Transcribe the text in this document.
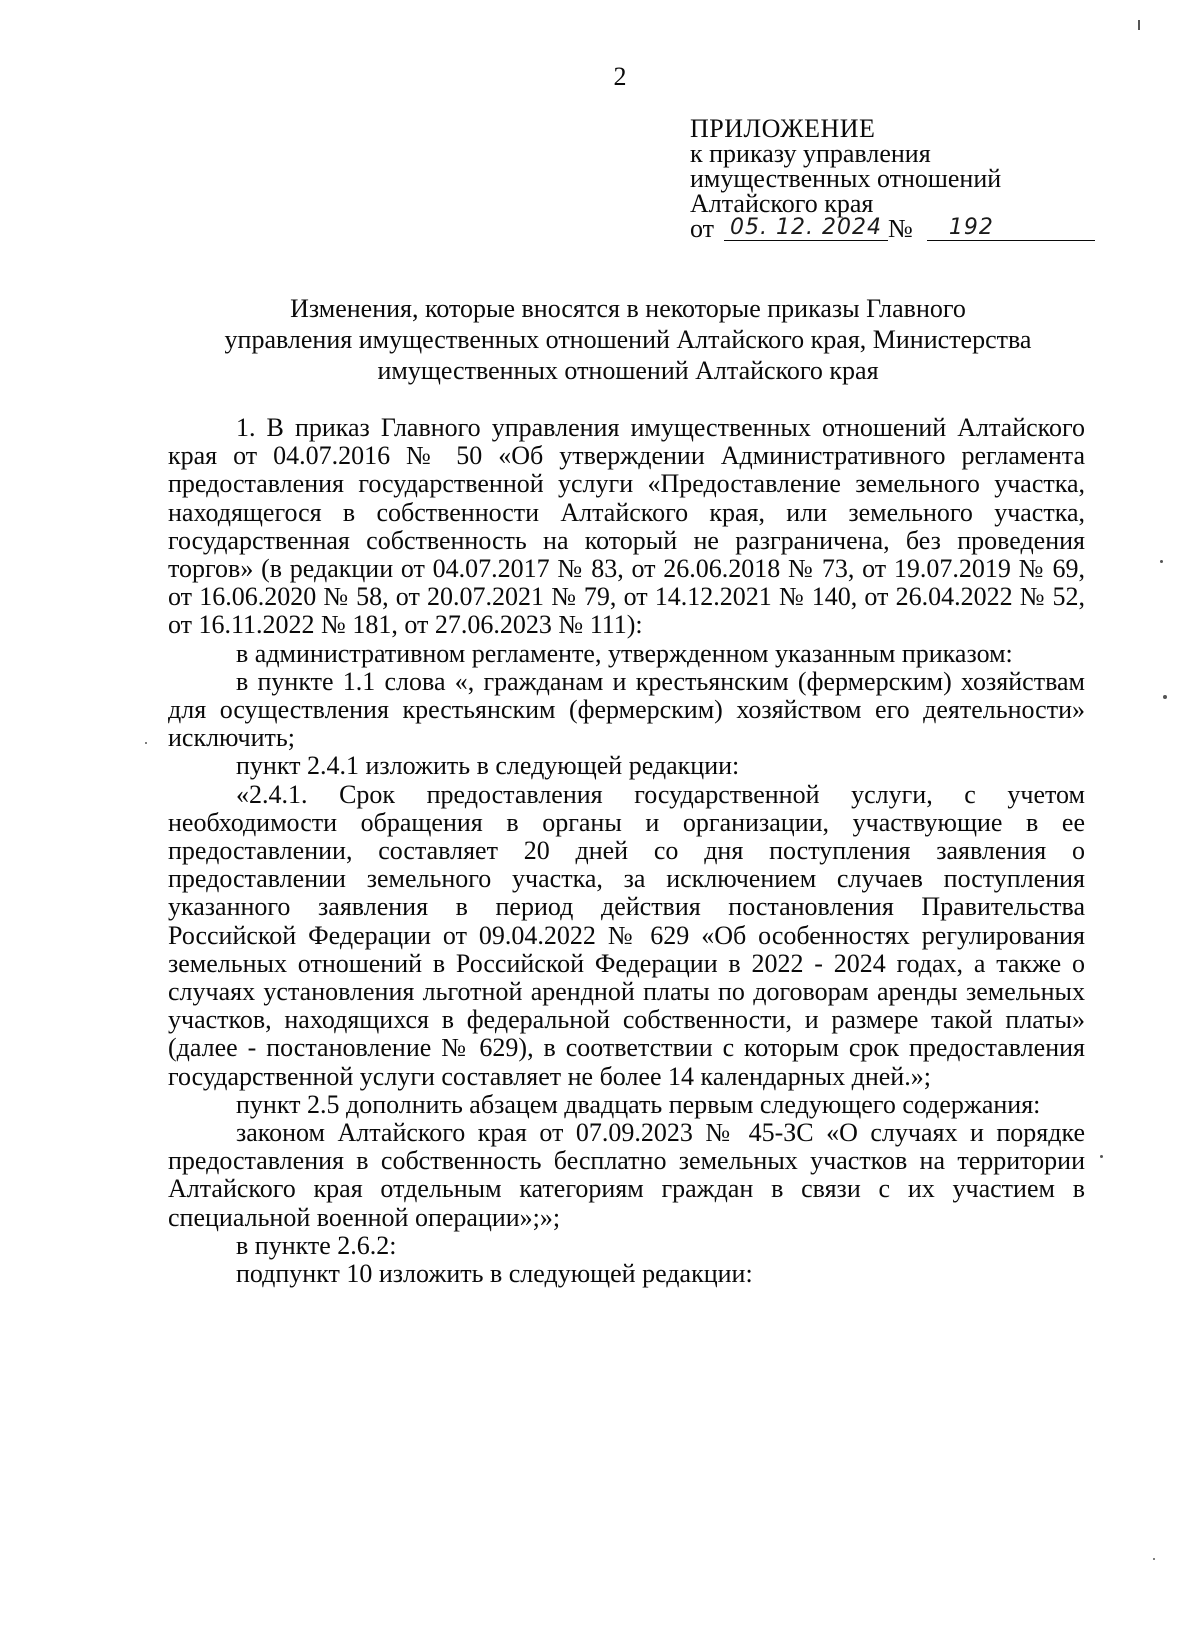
2
ПРИЛОЖЕНИЕ
к приказу управления
имущественных отношений
Алтайского края
от 05. 12. 2024 №	192
Изменения, которые вносятся в некоторые приказы Главного
управления имущественных отношений Алтайского края, Министерства
имущественных отношений Алтайского края

1. В приказ Главного управления имущественных отношений Алтайского края от 04.07.2016 № 50 «Об утверждении Административного регламента предоставления государственной услуги «Предоставление земельного участка, находящегося в собственности Алтайского края, или земельного участка, государственная собственность на который не разграничена, без проведения торгов» (в редакции от 04.07.2017 № 83, от 26.06.2018 № 73, от 19.07.2019 № 69, от 16.06.2020 № 58, от 20.07.2021 № 79, от 14.12.2021 № 140, от 26.04.2022 № 52, от 16.11.2022 № 181, от 27.06.2023 № 111):

в административном регламенте, утвержденном указанным приказом:

в пункте 1.1 слова «, гражданам и крестьянским (фермерским) хозяйствам для осуществления крестьянским (фермерским) хозяйством его деятельности» исключить;

пункт 2.4.1 изложить в следующей редакции:

«2.4.1. Срок предоставления государственной услуги, с учетом необходимости обращения в органы и организации, участвующие в ее предоставлении, составляет 20 дней со дня поступления заявления о предоставлении земельного участка, за исключением случаев поступления указанного заявления в период действия постановления Правительства Российской Федерации от 09.04.2022 № 629 «Об особенностях регулирования земельных отношений в Российской Федерации в 2022 - 2024 годах, а также о случаях установления льготной арендной платы по договорам аренды земельных участков, находящихся в федеральной собственности, и размере такой платы» (далее - постановление № 629), в соответствии с которым срок предоставления государственной услуги составляет не более 14 календарных дней.»;

пункт 2.5 дополнить абзацем двадцать первым следующего содержания:

законом Алтайского края от 07.09.2023 № 45-ЗС «О случаях и порядке предоставления в собственность бесплатно земельных участков на территории Алтайского края отдельным категориям граждан в связи с их участием в специальной военной операции»;»;

в пункте 2.6.2:

подпункт 10 изложить в следующей редакции:
